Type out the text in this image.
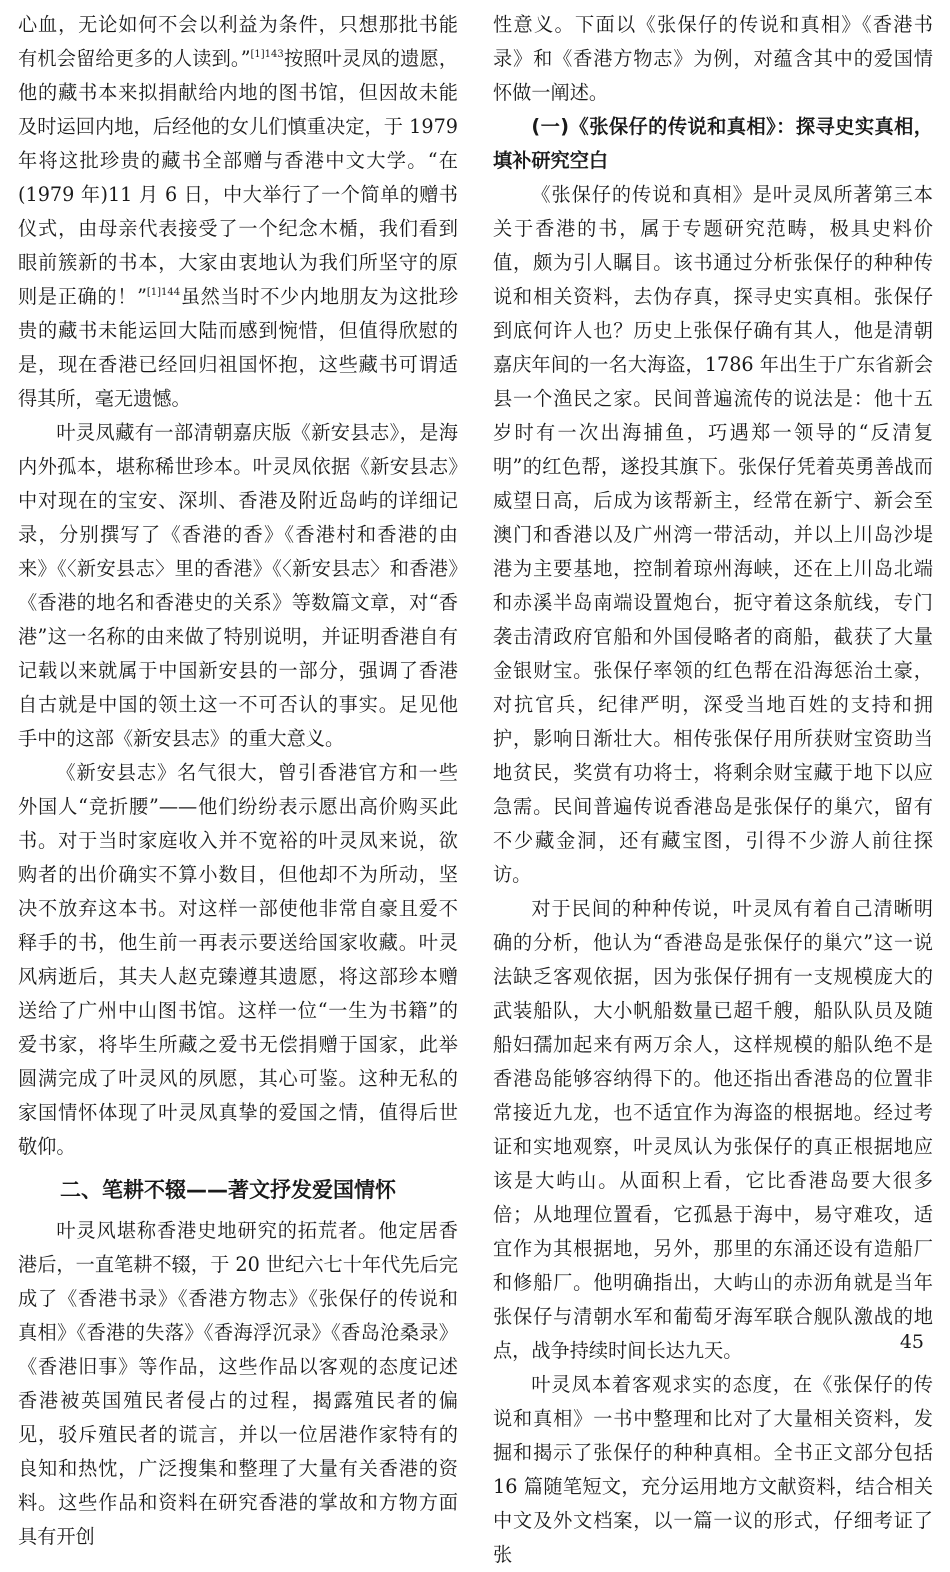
心血，无论如何不会以利益为条件，只想那批书能有机会留给更多的人读到。”$^{[1]143}$按照叶灵凤的遗愿，他的藏书本来拟捐献给内地的图书馆，但因故未能及时运回内地，后经他的女儿们慎重决定，于 1979 年将这批珍贵的藏书全部赠与香港中文大学。“在(1979 年)11 月 6 日，中大举行了一个简单的赠书仪式，由母亲代表接受了一个纪念木楯，我们看到眼前簇新的书本，大家由衷地认为我们所坚守的原则是正确的！”$^{[1]144}$虽然当时不少内地朋友为这批珍贵的藏书未能运回大陆而感到惋惜，但值得欣慰的是，现在香港已经回归祖国怀抱，这些藏书可谓适得其所，毫无遗憾。

叶灵凤藏有一部清朝嘉庆版《新安县志》，是海内外孤本，堪称稀世珍本。叶灵凤依据《新安县志》中对现在的宝安、深圳、香港及附近岛屿的详细记录，分别撰写了《香港的香》《香港村和香港的由来》《〈新安县志〉里的香港》《〈新安县志〉和香港》《香港的地名和香港史的关系》等数篇文章，对“香港”这一名称的由来做了特别说明，并证明香港自有记载以来就属于中国新安县的一部分，强调了香港自古就是中国的领土这一不可否认的事实。足见他手中的这部《新安县志》的重大意义。

《新安县志》名气很大，曾引香港官方和一些外国人“竞折腰”——他们纷纷表示愿出高价购买此书。对于当时家庭收入并不宽裕的叶灵凤来说，欲购者的出价确实不算小数目，但他却不为所动，坚决不放弃这本书。对这样一部使他非常自豪且爱不释手的书，他生前一再表示要送给国家收藏。叶灵风病逝后，其夫人赵克臻遵其遗愿，将这部珍本赠送给了广州中山图书馆。这样一位“一生为书籍”的爱书家，将毕生所藏之爱书无偿捐赠于国家，此举圆满完成了叶灵风的夙愿，其心可鉴。这种无私的家国情怀体现了叶灵凤真挚的爱国之情，值得后世敬仰。

二、笔耕不辍——著文抒发爱国情怀

叶灵风堪称香港史地研究的拓荒者。他定居香港后，一直笔耕不辍，于 20 世纪六七十年代先后完成了《香港书录》《香港方物志》《张保仔的传说和真相》《香港的失落》《香海浮沉录》《香岛沧桑录》《香港旧事》等作品，这些作品以客观的态度记述香港被英国殖民者侵占的过程，揭露殖民者的偏见，驳斥殖民者的谎言，并以一位居港作家特有的良知和热忱，广泛搜集和整理了大量有关香港的资料。这些作品和资料在研究香港的掌故和方物方面具有开创

性意义。下面以《张保仔的传说和真相》《香港书录》和《香港方物志》为例，对蕴含其中的爱国情怀做一阐述。

(一)《张保仔的传说和真相》：探寻史实真相，填补研究空白

《张保仔的传说和真相》是叶灵凤所著第三本关于香港的书，属于专题研究范畴，极具史料价值，颇为引人瞩目。该书通过分析张保仔的种种传说和相关资料，去伪存真，探寻史实真相。张保仔到底何许人也？历史上张保仔确有其人，他是清朝嘉庆年间的一名大海盗，1786 年出生于广东省新会县一个渔民之家。民间普遍流传的说法是：他十五岁时有一次出海捕鱼，巧遇郑一领导的“反清复明”的红色帮，遂投其旗下。张保仔凭着英勇善战而威望日高，后成为该帮新主，经常在新宁、新会至澳门和香港以及广州湾一带活动，并以上川岛沙堤港为主要基地，控制着琼州海峡，还在上川岛北端和赤溪半岛南端设置炮台，扼守着这条航线，专门袭击清政府官船和外国侵略者的商船，截获了大量金银财宝。张保仔率领的红色帮在沿海惩治土豪，对抗官兵，纪律严明，深受当地百姓的支持和拥护，影响日渐壮大。相传张保仔用所获财宝资助当地贫民，奖赏有功将士，将剩余财宝藏于地下以应急需。民间普遍传说香港岛是张保仔的巢穴，留有不少藏金洞，还有藏宝图，引得不少游人前往探访。

对于民间的种种传说，叶灵凤有着自己清晰明确的分析，他认为“香港岛是张保仔的巢穴”这一说法缺乏客观依据，因为张保仔拥有一支规模庞大的武装船队，大小帆船数量已超千艘，船队队员及随船妇孺加起来有两万余人，这样规模的船队绝不是香港岛能够容纳得下的。他还指出香港岛的位置非常接近九龙，也不适宜作为海盗的根据地。经过考证和实地观察，叶灵凤认为张保仔的真正根据地应该是大屿山。从面积上看，它比香港岛要大很多倍；从地理位置看，它孤悬于海中，易守难攻，适宜作为其根据地，另外，那里的东涌还设有造船厂和修船厂。他明确指出，大屿山的赤沥角就是当年张保仔与清朝水军和葡萄牙海军联合舰队激战的地点，战争持续时间长达九天。

叶灵凤本着客观求实的态度，在《张保仔的传说和真相》一书中整理和比对了大量相关资料，发掘和揭示了张保仔的种种真相。全书正文部分包括 16 篇随笔短文，充分运用地方文献资料，结合相关中文及外文档案，以一篇一议的形式，仔细考证了张

45
